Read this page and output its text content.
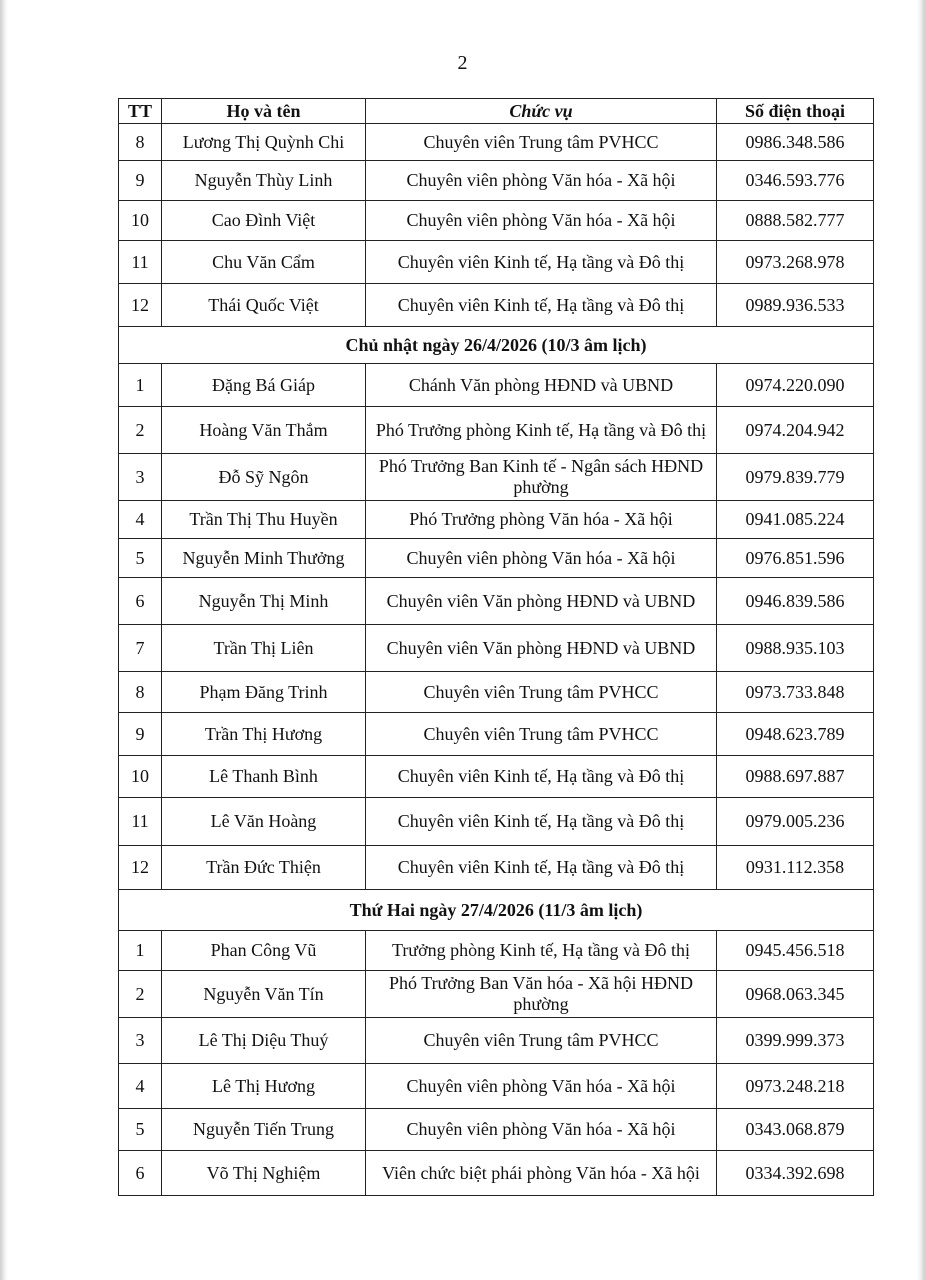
2
TT	Họ và tên	Chức vụ	Số điện thoại
8	Lương Thị Quỳnh Chi	Chuyên viên Trung tâm PVHCC	0986.348.586
9	Nguyễn Thùy Linh	Chuyên viên phòng Văn hóa - Xã hội	0346.593.776
10	Cao Đình Việt	Chuyên viên phòng Văn hóa - Xã hội	0888.582.777
11	Chu Văn Cẩm	Chuyên viên Kinh tế, Hạ tầng và Đô thị	0973.268.978
12	Thái Quốc Việt	Chuyên viên Kinh tế, Hạ tầng và Đô thị	0989.936.533
Chủ nhật ngày 26/4/2026 (10/3 âm lịch)			
1	Đặng Bá Giáp	Chánh Văn phòng HĐND và UBND	0974.220.090
2	Hoàng Văn Thắm	Phó Trưởng phòng Kinh tế, Hạ tầng và Đô thị	0974.204.942
3	Đỗ Sỹ Ngôn	Phó Trưởng Ban Kinh tế - Ngân sách HĐND phường	0979.839.779
4	Trần Thị Thu Huyền	Phó Trưởng phòng Văn hóa - Xã hội	0941.085.224
5	Nguyễn Minh Thưởng	Chuyên viên phòng Văn hóa - Xã hội	0976.851.596
6	Nguyễn Thị Minh	Chuyên viên Văn phòng HĐND và UBND	0946.839.586
7	Trần Thị Liên	Chuyên viên Văn phòng HĐND và UBND	0988.935.103
8	Phạm Đăng Trinh	Chuyên viên Trung tâm PVHCC	0973.733.848
9	Trần Thị Hương	Chuyên viên Trung tâm PVHCC	0948.623.789
10	Lê Thanh Bình	Chuyên viên Kinh tế, Hạ tầng và Đô thị	0988.697.887
11	Lê Văn Hoàng	Chuyên viên Kinh tế, Hạ tầng và Đô thị	0979.005.236
12	Trần Đức Thiện	Chuyên viên Kinh tế, Hạ tầng và Đô thị	0931.112.358
Thứ Hai ngày 27/4/2026 (11/3 âm lịch)			
1	Phan Công Vũ	Trưởng phòng Kinh tế, Hạ tầng và Đô thị	0945.456.518
2	Nguyễn Văn Tín	Phó Trưởng Ban Văn hóa - Xã hội HĐND phường	0968.063.345
3	Lê Thị Diệu Thuý	Chuyên viên Trung tâm PVHCC	0399.999.373
4	Lê Thị Hương	Chuyên viên phòng Văn hóa - Xã hội	0973.248.218
5	Nguyễn Tiến Trung	Chuyên viên phòng Văn hóa - Xã hội	0343.068.879
6	Võ Thị Nghiệm	Viên chức biệt phái phòng Văn hóa - Xã hội	0334.392.698
